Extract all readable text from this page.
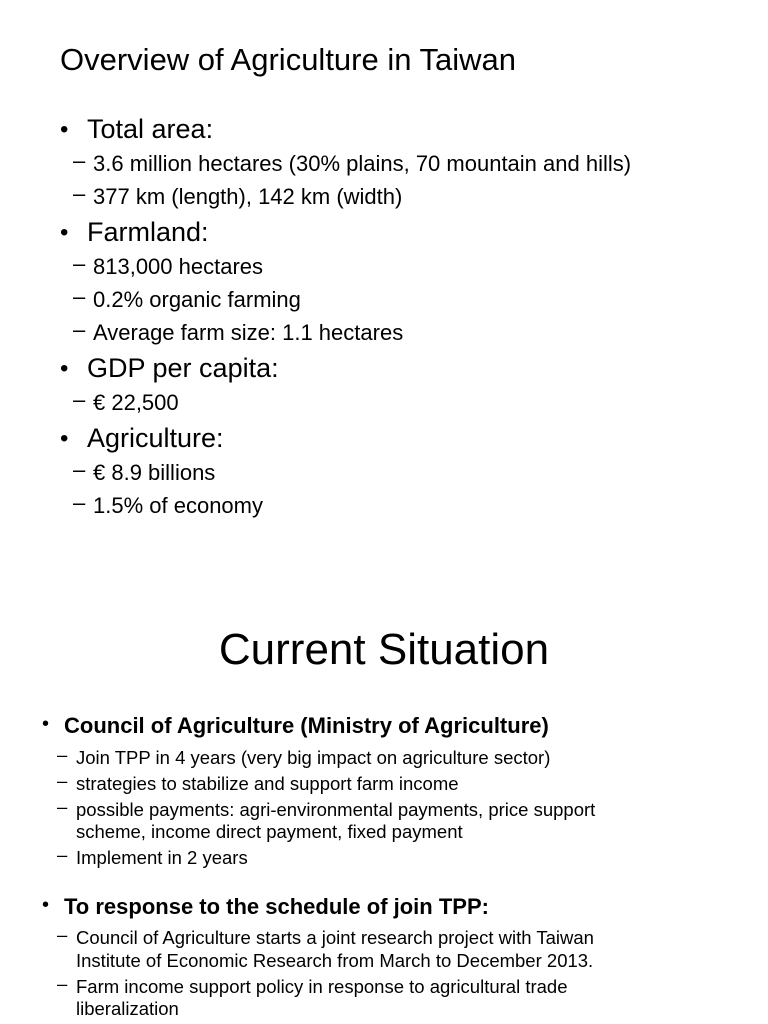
Overview of Agriculture in Taiwan
• Total area:
– 3.6 million hectares (30% plains, 70 mountain and hills)
– 377 km (length), 142 km (width)
• Farmland:
– 813,000 hectares
– 0.2% organic farming
– Average farm size: 1.1 hectares
• GDP per capita:
– € 22,500
• Agriculture:
– € 8.9 billions
– 1.5% of economy
Current Situation
• Council of Agriculture (Ministry of Agriculture)
– Join TPP in 4 years (very big impact on agriculture sector)
– strategies to stabilize and support farm income
– possible payments: agri-environmental payments, price support
scheme, income direct payment, fixed payment
– Implement in 2 years
• To response to the schedule of join TPP:
– Council of Agriculture starts a joint research project with Taiwan
Institute of Economic Research from March to December 2013.
– Farm income support policy in response to agricultural trade
liberalization
